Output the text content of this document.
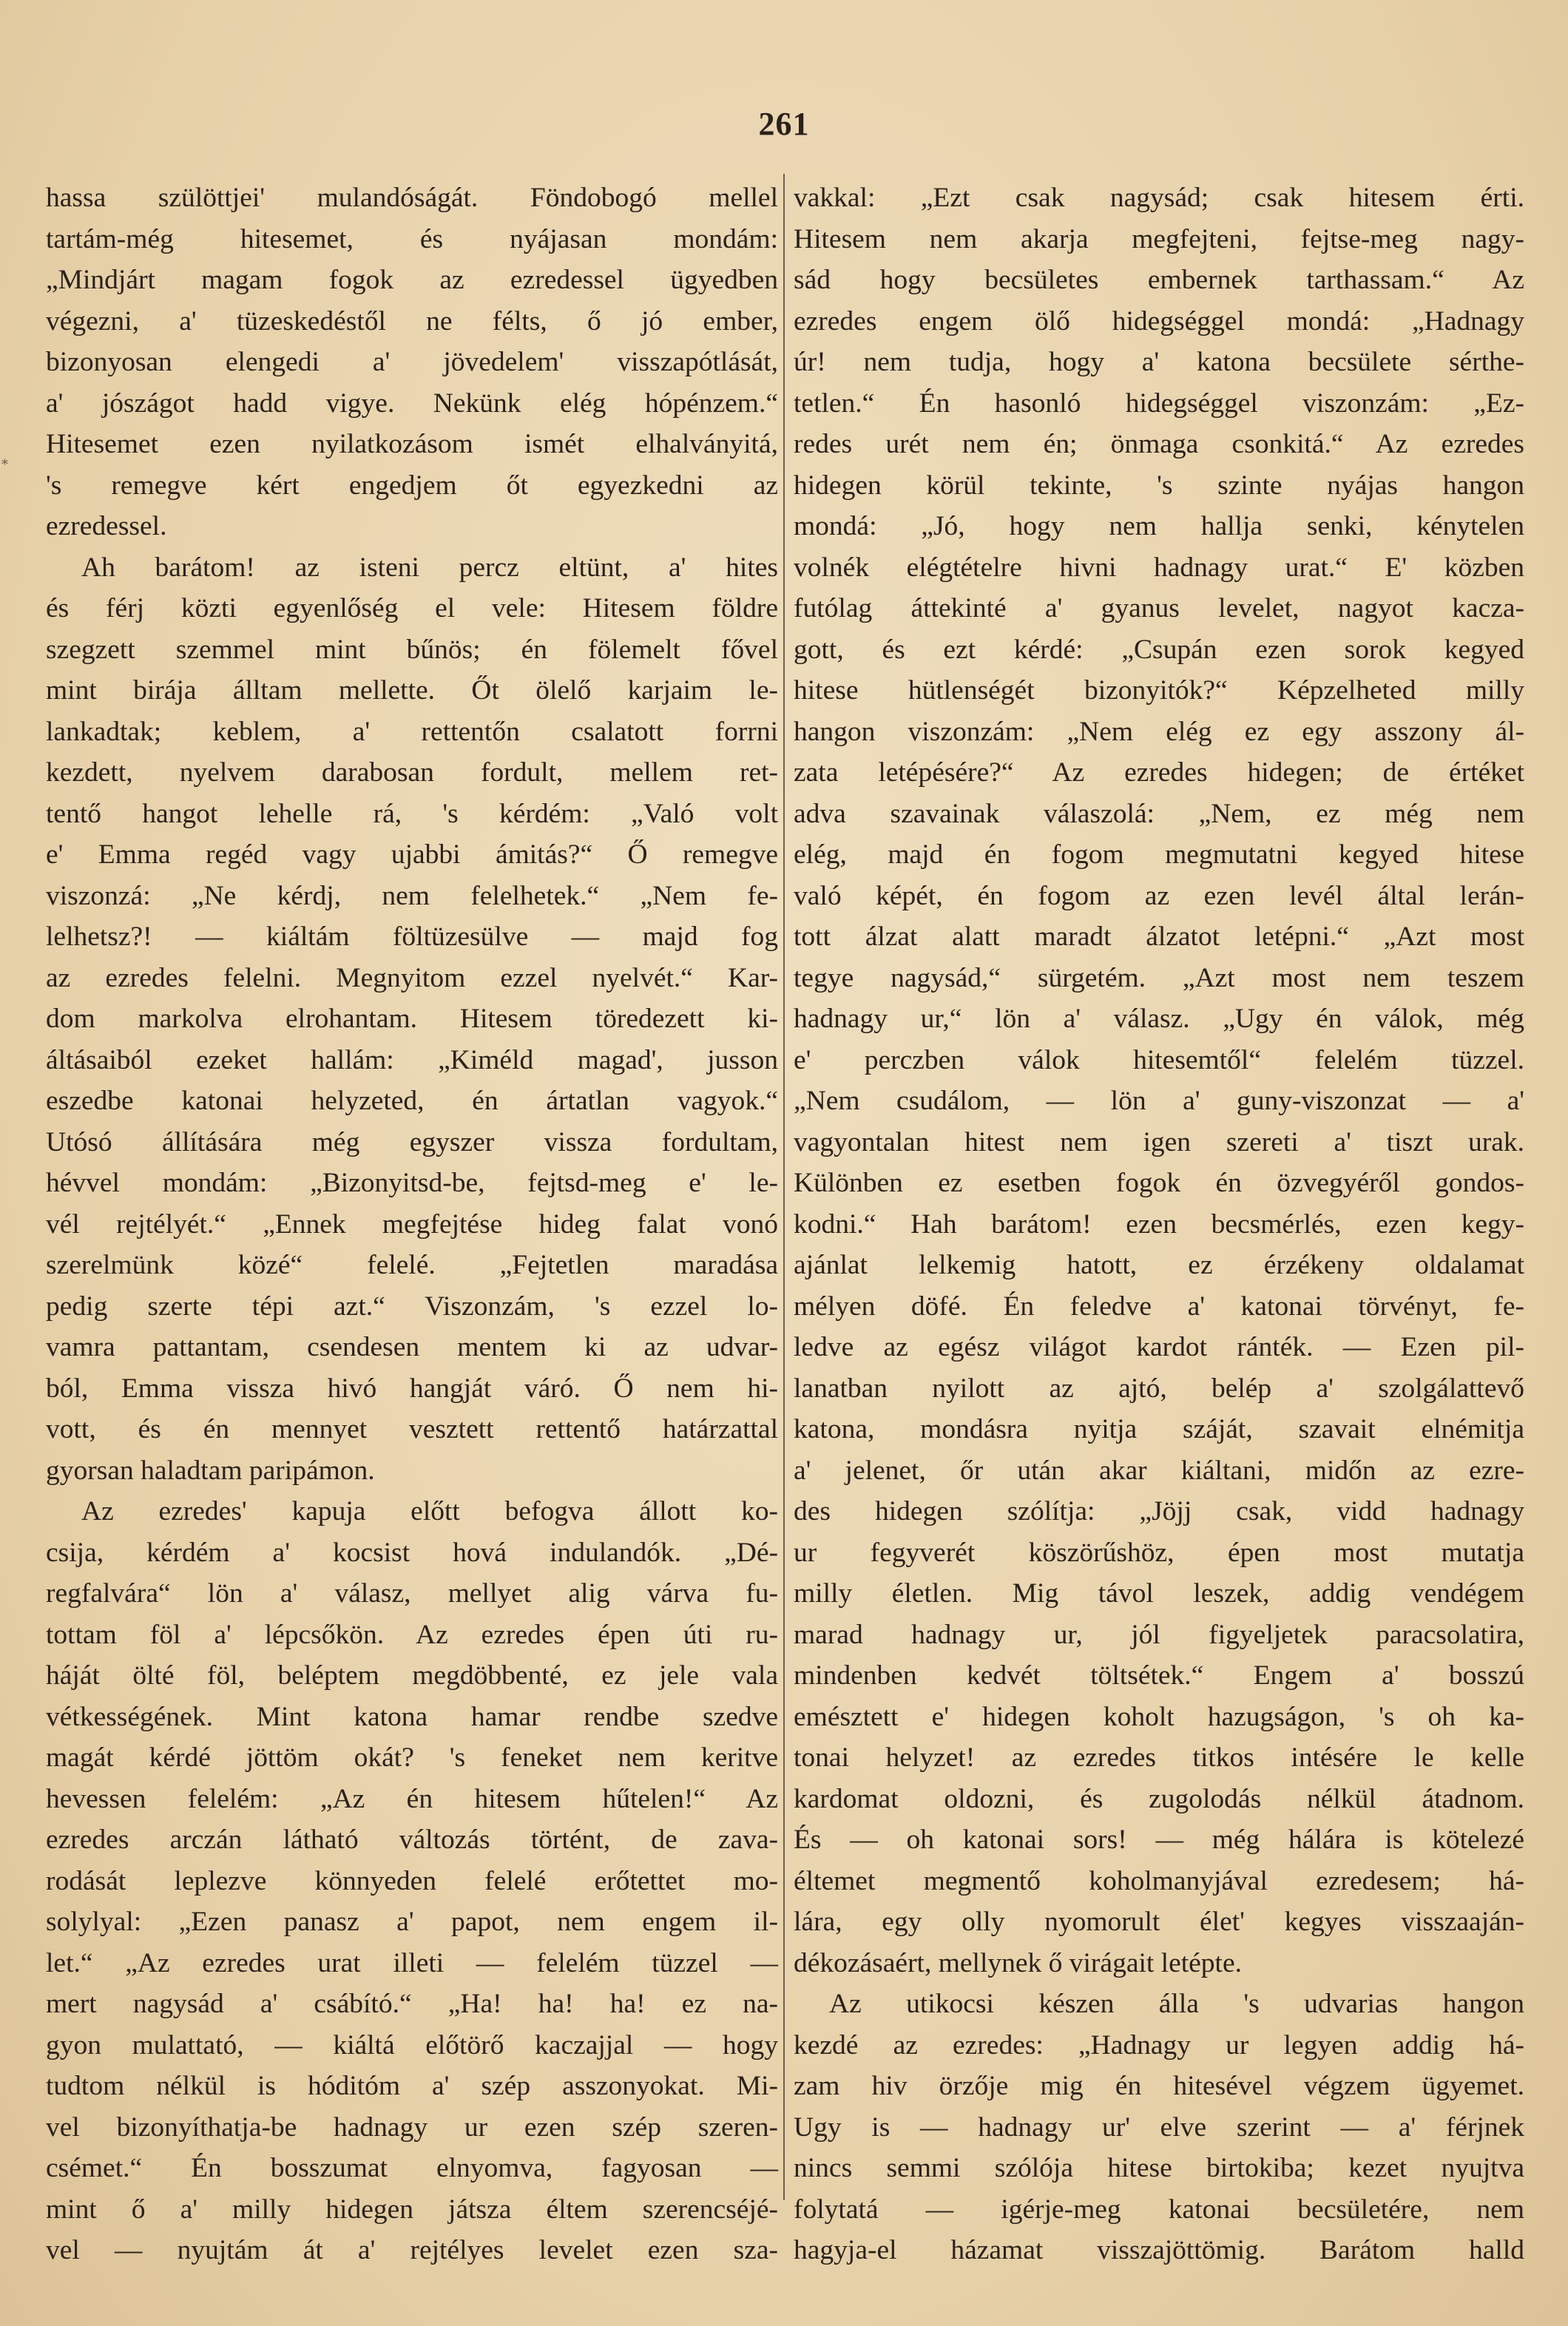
261
*
hassa szülöttjei' mulandóságát. Föndobogó mellel
tartám-még hitesemet, és nyájasan mondám:
„Mindjárt magam fogok az ezredessel ügyedben
végezni, a' tüzeskedéstől ne félts, ő jó ember,
bizonyosan elengedi a' jövedelem' visszapótlását,
a' jószágot hadd vigye. Nekünk elég hópénzem.“
Hitesemet ezen nyilatkozásom ismét elhalványitá,
's remegve kért engedjem őt egyezkedni az
ezredessel.
Ah barátom! az isteni percz eltünt, a' hites
és férj közti egyenlőség el vele: Hitesem földre
szegzett szemmel mint bűnös; én fölemelt fővel
mint birája álltam mellette. Őt ölelő karjaim le-
lankadtak; keblem, a' rettentőn csalatott forrni
kezdett, nyelvem darabosan fordult, mellem ret-
tentő hangot lehelle rá, 's kérdém: „Való volt
e' Emma regéd vagy ujabbi ámitás?“ Ő remegve
viszonzá: „Ne kérdj, nem felelhetek.“ „Nem fe-
lelhetsz?! — kiáltám föltüzesülve — majd fog
az ezredes felelni. Megnyitom ezzel nyelvét.“ Kar-
dom markolva elrohantam. Hitesem töredezett ki-
áltásaiból ezeket hallám: „Kiméld magad', jusson
eszedbe katonai helyzeted, én ártatlan vagyok.“
Utósó állítására még egyszer vissza fordultam,
hévvel mondám: „Bizonyitsd-be, fejtsd-meg e' le-
vél rejtélyét.“ „Ennek megfejtése hideg falat vonó
szerelmünk közé“ felelé. „Fejtetlen maradása
pedig szerte tépi azt.“ Viszonzám, 's ezzel lo-
vamra pattantam, csendesen mentem ki az udvar-
ból, Emma vissza hivó hangját váró. Ő nem hi-
vott, és én mennyet vesztett rettentő határzattal
gyorsan haladtam paripámon.
Az ezredes' kapuja előtt befogva állott ko-
csija, kérdém a' kocsist hová indulandók. „Dé-
regfalvára“ lön a' válasz, mellyet alig várva fu-
tottam föl a' lépcsőkön. Az ezredes épen úti ru-
háját ölté föl, beléptem megdöbbenté, ez jele vala
vétkességének. Mint katona hamar rendbe szedve
magát kérdé jöttöm okát? 's feneket nem keritve
hevessen felelém: „Az én hitesem hűtelen!“ Az
ezredes arczán látható változás történt, de zava-
rodását leplezve könnyeden felelé erőtettet mo-
solylyal: „Ezen panasz a' papot, nem engem il-
let.“ „Az ezredes urat illeti — felelém tüzzel —
mert nagysád a' csábító.“ „Ha! ha! ha! ez na-
gyon mulattató, — kiáltá előtörő kaczajjal — hogy
tudtom nélkül is hóditóm a' szép asszonyokat. Mi-
vel bizonyíthatja-be hadnagy ur ezen szép szeren-
csémet.“ Én bosszumat elnyomva, fagyosan —
mint ő a' milly hidegen játsza éltem szerencséjé-
vel — nyujtám át a' rejtélyes levelet ezen sza-
vakkal: „Ezt csak nagysád; csak hitesem érti.
Hitesem nem akarja megfejteni, fejtse-meg nagy-
sád hogy becsületes embernek tarthassam.“ Az
ezredes engem ölő hidegséggel mondá: „Hadnagy
úr! nem tudja, hogy a' katona becsülete sérthe-
tetlen.“ Én hasonló hidegséggel viszonzám: „Ez-
redes urét nem én; önmaga csonkitá.“ Az ezredes
hidegen körül tekinte, 's szinte nyájas hangon
mondá: „Jó, hogy nem hallja senki, kénytelen
volnék elégtételre hivni hadnagy urat.“ E' közben
futólag áttekinté a' gyanus levelet, nagyot kacza-
gott, és ezt kérdé: „Csupán ezen sorok kegyed
hitese hütlenségét bizonyitók?“ Képzelheted milly
hangon viszonzám: „Nem elég ez egy asszony ál-
zata letépésére?“ Az ezredes hidegen; de értéket
adva szavainak válaszolá: „Nem, ez még nem
elég, majd én fogom megmutatni kegyed hitese
való képét, én fogom az ezen levél által lerán-
tott álzat alatt maradt álzatot letépni.“ „Azt most
tegye nagysád,“ sürgetém. „Azt most nem teszem
hadnagy ur,“ lön a' válasz. „Ugy én válok, még
e' perczben válok hitesemtől“ felelém tüzzel.
„Nem csudálom, — lön a' guny-viszonzat — a'
vagyontalan hitest nem igen szereti a' tiszt urak.
Különben ez esetben fogok én özvegyéről gondos-
kodni.“ Hah barátom! ezen becsmérlés, ezen kegy-
ajánlat lelkemig hatott, ez érzékeny oldalamat
mélyen döfé. Én feledve a' katonai törvényt, fe-
ledve az egész világot kardot ránték. — Ezen pil-
lanatban nyilott az ajtó, belép a' szolgálattevő
katona, mondásra nyitja száját, szavait elnémitja
a' jelenet, őr után akar kiáltani, midőn az ezre-
des hidegen szólítja: „Jöjj csak, vidd hadnagy
ur fegyverét köszörűshöz, épen most mutatja
milly életlen. Mig távol leszek, addig vendégem
marad hadnagy ur, jól figyeljetek paracsolatira,
mindenben kedvét töltsétek.“ Engem a' bosszú
emésztett e' hidegen koholt hazugságon, 's oh ka-
tonai helyzet! az ezredes titkos intésére le kelle
kardomat oldozni, és zugolodás nélkül átadnom.
És — oh katonai sors! — még hálára is kötelezé
éltemet megmentő koholmanyjával ezredesem; há-
lára, egy olly nyomorult élet' kegyes visszaaján-
dékozásaért, mellynek ő virágait letépte.
Az utikocsi készen álla 's udvarias hangon
kezdé az ezredes: „Hadnagy ur legyen addig há-
zam hiv örzője mig én hitesével végzem ügyemet.
Ugy is — hadnagy ur' elve szerint — a' férjnek
nincs semmi szólója hitese birtokiba; kezet nyujtva
folytatá — igérje-meg katonai becsületére, nem
hagyja-el házamat visszajöttömig. Barátom halld
